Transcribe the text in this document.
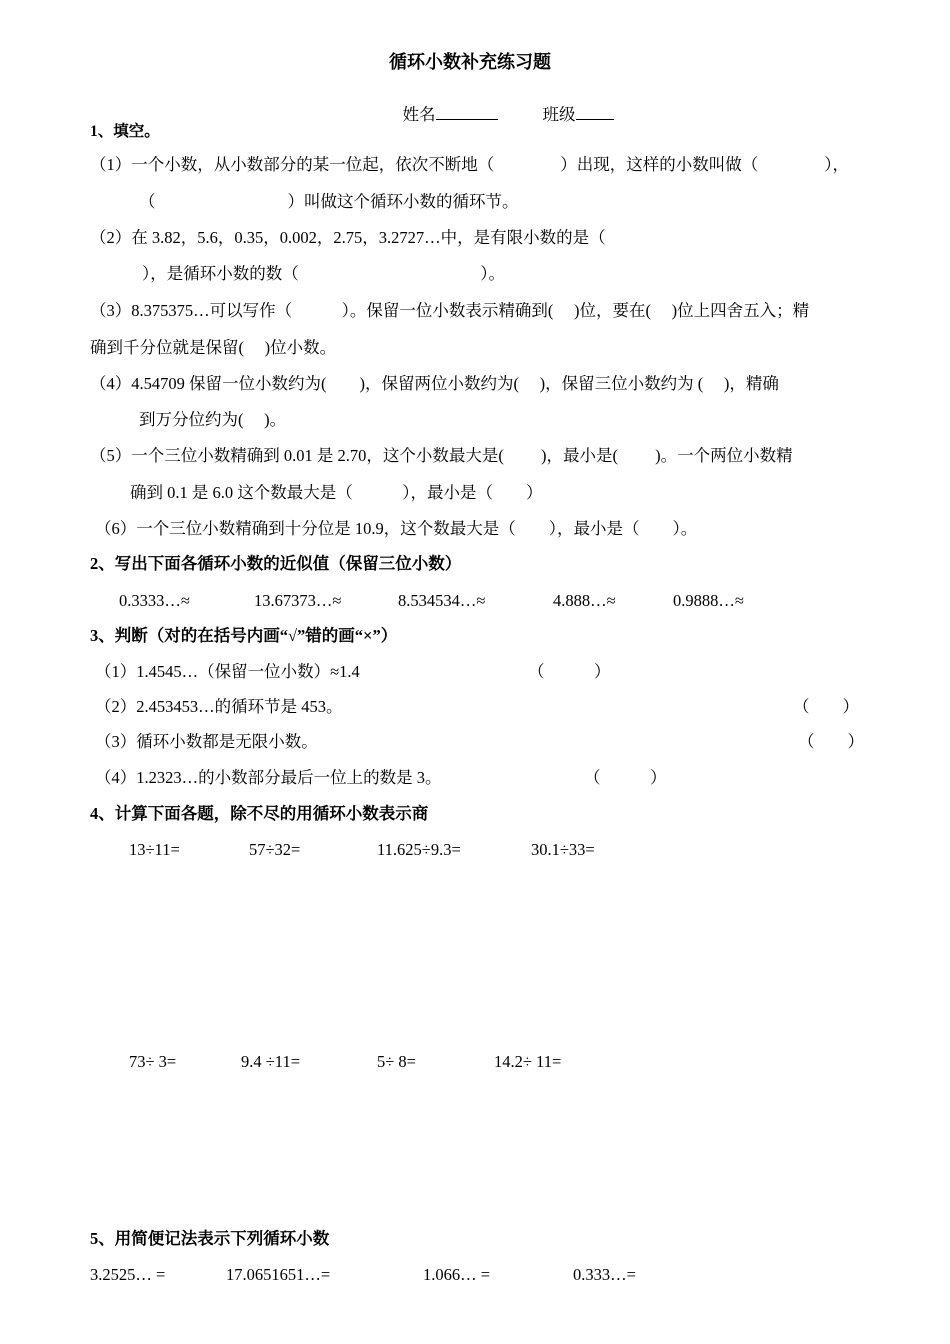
循环小数补充练习题

姓名
	班级

1、填空。
（1）一个小数，从小数部分的某一位起，依次不断地（　　　　）出现，这样的小数叫做（　　　　），
（　　　　　　　　）叫做这个循环小数的循环节。
（2）在 3.82，5.6，0.35，0.002，2.75，3.2727…中，是有限小数的是（
），是循环小数的数（　　　　　　　　　　　）。
（3）8.375375…可以写作（　　　）。保留一位小数表示精确到(　 )位，要在(　 )位上四舍五入；精
确到千分位就是保留(　 )位小数。
（4）4.54709 保留一位小数约为(　　)，保留两位小数约为(　 )，保留三位小数约为 (　 )，精确
到万分位约为(　 )。
（5）一个三位小数精确到 0.01 是 2.70，这个小数最大是(　　 )，最小是(　　 )。一个两位小数精
确到 0.1 是 6.0 这个数最大是（　　　），最小是（　　）
（6）一个三位小数精确到十分位是 10.9，这个数最大是（　　），最小是（　　）。
2、写出下面各循环小数的近似值（保留三位小数）
0.3333…≈	13.67373…≈	8.534534…≈	4.888…≈	0.9888…≈
3、判断（对的在括号内画“√”错的画“×”）
（1）1.4545…（保留一位小数）≈1.4	（　　　）
（2）2.453453…的循环节是 453。	（　　）
（3）循环小数都是无限小数。	（　　）
（4）1.2323…的小数部分最后一位上的数是 3。	（　　　）
4、计算下面各题，除不尽的用循环小数表示商
13÷11=	57÷32=	11.625÷9.3=	30.1÷33=
73÷ 3=	9.4 ÷11=	5÷ 8=	14.2÷ 11=
5、用简便记法表示下列循环小数
3.2525… =	17.0651651…=	1.066… =	0.333…=
